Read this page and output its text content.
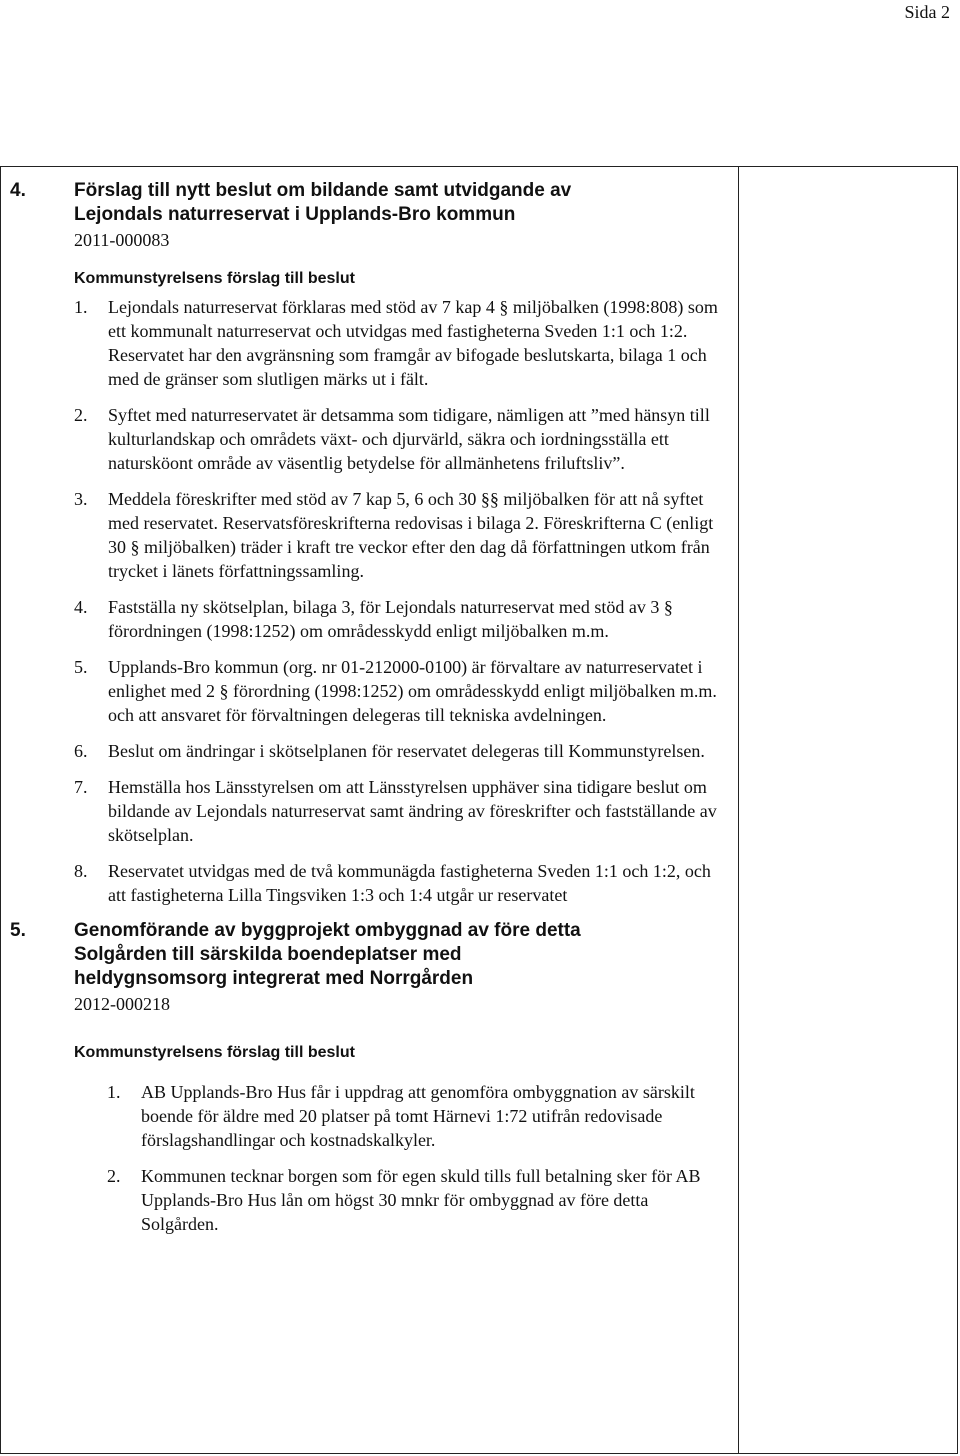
Sida 2
4.	Förslag till nytt beslut om bildande samt utvidgande av
Lejondals naturreservat i Upplands-Bro kommun
2011-000083
Kommunstyrelsens förslag till beslut
1. Lejondals naturreservat förklaras med stöd av 7 kap 4 § miljöbalken (1998:808) som ett kommunalt naturreservat och utvidgas med fastigheterna Sveden 1:1 och 1:2. Reservatet har den avgränsning som framgår av bifogade beslutskarta, bilaga 1 och med de gränser som slutligen märks ut i fält.
2. Syftet med naturreservatet är detsamma som tidigare, nämligen att ”med hänsyn till kulturlandskap och områdets växt- och djurvärld, säkra och iordningsställa ett natursköont område av väsentlig betydelse för allmänhetens friluftsliv”.
3. Meddela föreskrifter med stöd av 7 kap 5, 6 och 30 §§ miljöbalken för att nå syftet med reservatet. Reservatsföreskrifterna redovisas i bilaga 2. Föreskrifterna C (enligt 30 § miljöbalken) träder i kraft tre veckor efter den dag då författningen utkom från trycket i länets författningssamling.
4. Fastställa ny skötselplan, bilaga 3, för Lejondals naturreservat med stöd av 3 § förordningen (1998:1252) om områdesskydd enligt miljöbalken m.m.
5. Upplands-Bro kommun (org. nr 01-212000-0100) är förvaltare av naturreservatet i enlighet med 2 § förordning (1998:1252) om områdesskydd enligt miljöbalken m.m. och att ansvaret för förvaltningen delegeras till tekniska avdelningen.
6. Beslut om ändringar i skötselplanen för reservatet delegeras till Kommunstyrelsen.
7. Hemställa hos Länsstyrelsen om att Länsstyrelsen upphäver sina tidigare beslut om bildande av Lejondals naturreservat samt ändring av föreskrifter och fastställande av skötselplan.
8. Reservatet utvidgas med de två kommunägda fastigheterna Sveden 1:1 och 1:2, och att fastigheterna Lilla Tingsviken 1:3 och 1:4 utgår ur reservatet
5.	Genomförande av byggprojekt ombyggnad av före detta
Solgården till särskilda boendeplatser med
heldygnsomsorg integrerat med Norrgården
2012-000218
Kommunstyrelsens förslag till beslut
1. AB Upplands-Bro Hus får i uppdrag att genomföra ombyggnation av särskilt boende för äldre med 20 platser på tomt Härnevi 1:72 utifrån redovisade förslagshandlingar och kostnadskalkyler.
2. Kommunen tecknar borgen som för egen skuld tills full betalning sker för AB Upplands-Bro Hus lån om högst 30 mnkr för ombyggnad av före detta Solgården.
